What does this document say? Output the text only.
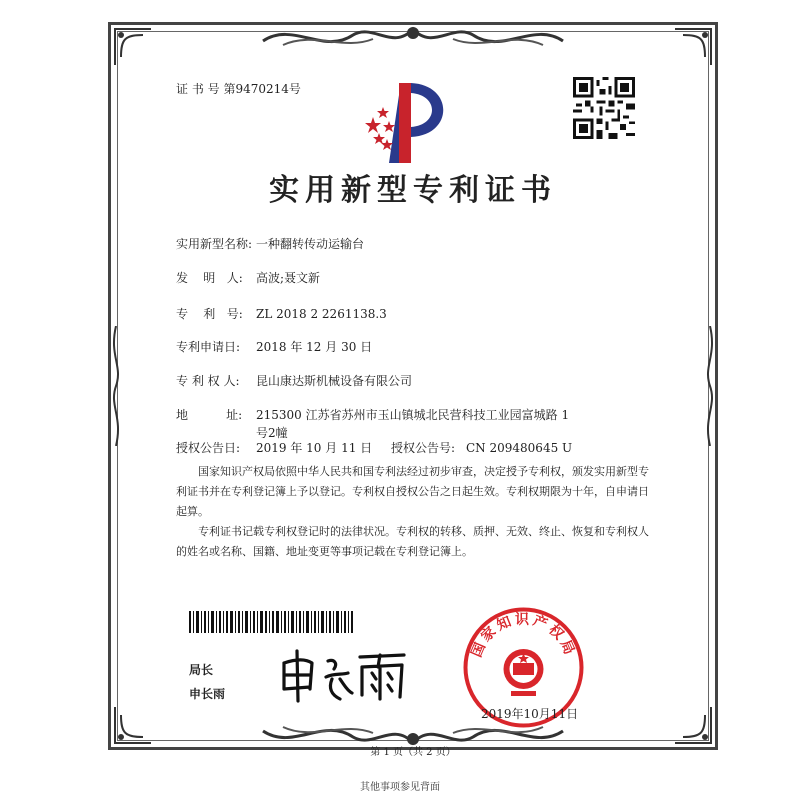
证 书 号 第9470214号
实用新型专利证书
实用新型名称: 一种翻转传动运输台
发    明   人:	高波;聂文新
专    利   号:	ZL 2018 2 2261138.3
专利申请日:	2018 年 12 月 30 日
专 利 权 人:	昆山康达斯机械设备有限公司
地          址:	215300 江苏省苏州市玉山镇城北民营科技工业园富城路 1
号2幢
授权公告日:	2019 年 10 月 11 日 授权公告号: CN 209480645 U
国家知识产权局依照中华人民共和国专利法经过初步审查，决定授予专利权，颁发实用新型专利证书并在专利登记簿上予以登记。专利权自授权公告之日起生效。专利权期限为十年，自申请日起算。
专利证书记载专利权登记时的法律状况。专利权的转移、质押、无效、终止、恢复和专利权人的姓名或名称、国籍、地址变更等事项记载在专利登记簿上。
局长
申长雨
国家知识产权局
2019年10月11日
第 1 页（共 2 页）
其他事项参见背面
